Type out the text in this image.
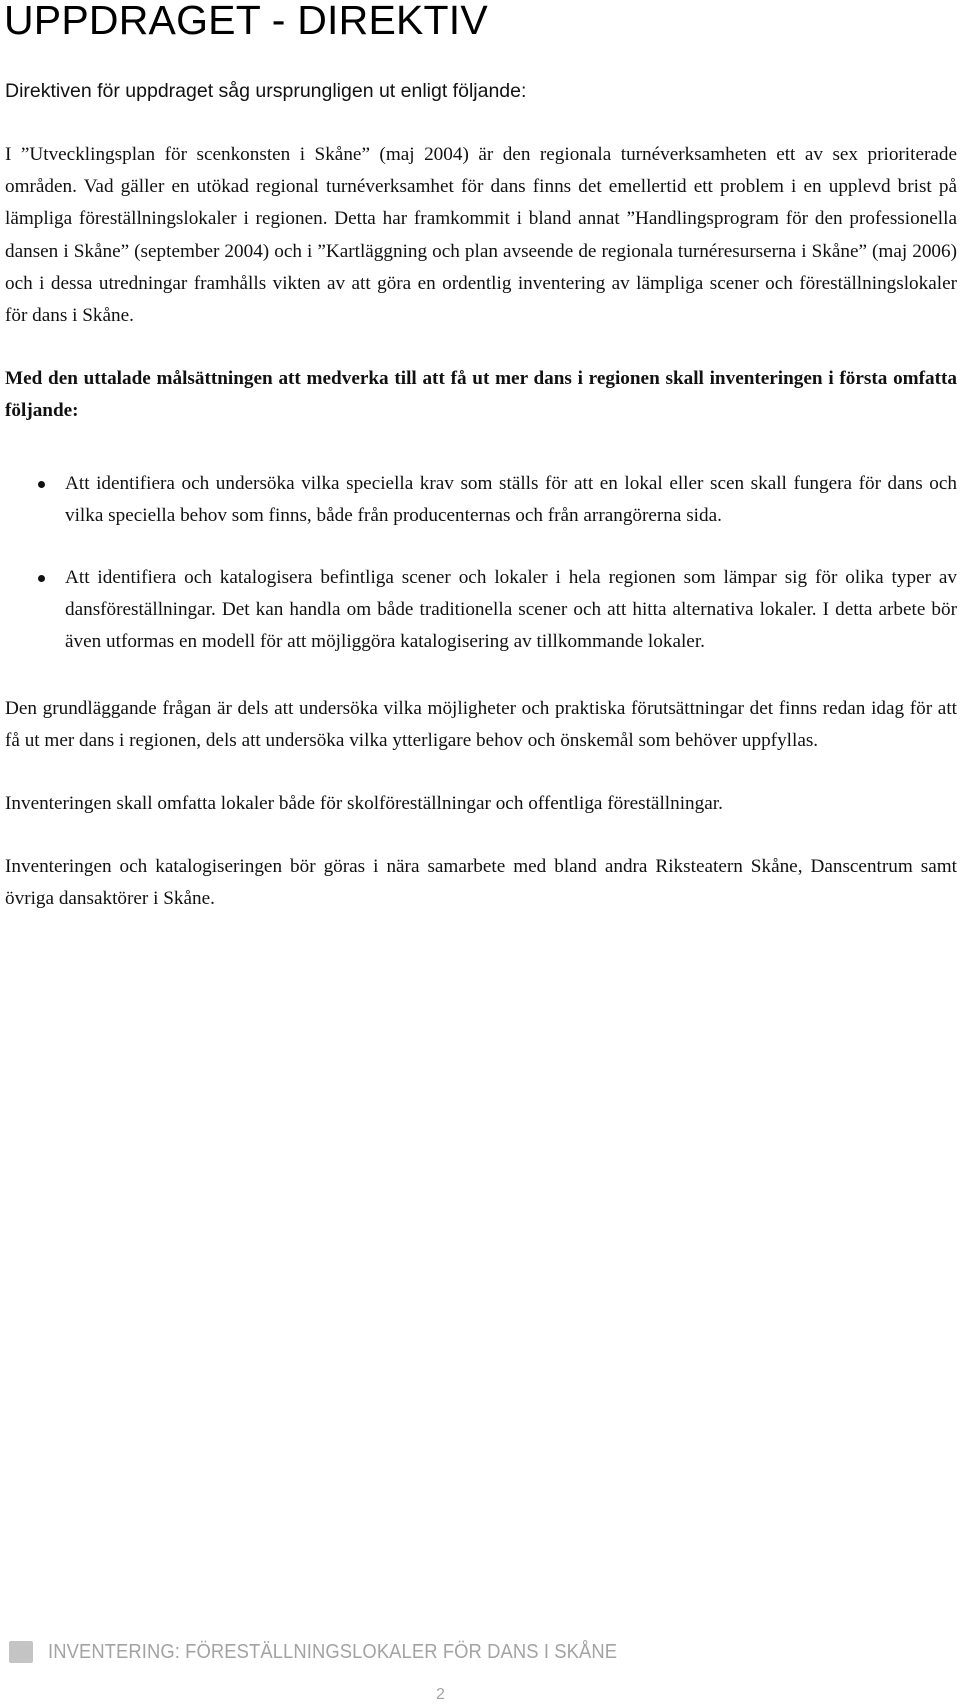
UPPDRAGET - DIREKTIV

Direktiven för uppdraget såg ursprungligen ut enligt följande:

I ”Utvecklingsplan för scenkonsten i Skåne” (maj 2004) är den regionala turnéverksamheten ett av sex prioriterade områden. Vad gäller en utökad regional turnéverksamhet för dans finns det emellertid ett problem i en upplevd brist på lämpliga föreställningslokaler i regionen. Detta har framkommit i bland annat ”Handlingsprogram för den professionella dansen i Skåne” (september 2004) och i ”Kartläggning och plan avseende de regionala turnéresurserna i Skåne” (maj 2006) och i dessa utredningar framhålls vikten av att göra en ordentlig inventering av lämpliga scener och föreställningslokaler för dans i Skåne.

Med den uttalade målsättningen att medverka till att få ut mer dans i regionen skall inventeringen i första omfatta följande:

Att identifiera och undersöka vilka speciella krav som ställs för att en lokal eller scen skall fungera för dans och vilka speciella behov som finns, både från producenternas och från arrangörerna sida.
Att identifiera och katalogisera befintliga scener och lokaler i hela regionen som lämpar sig för olika typer av dansföreställningar. Det kan handla om både traditionella scener och att hitta alternativa lokaler. I detta arbete bör även utformas en modell för att möjliggöra katalogisering av tillkommande lokaler.

Den grundläggande frågan är dels att undersöka vilka möjligheter och praktiska förutsättningar det finns redan idag för att få ut mer dans i regionen, dels att undersöka vilka ytterligare behov och önskemål som behöver uppfyllas.

Inventeringen skall omfatta lokaler både för skolföreställningar och offentliga föreställningar.

Inventeringen och katalogiseringen bör göras i nära samarbete med bland andra Riksteatern Skåne, Danscentrum samt övriga dansaktörer i Skåne.

INVENTERING: FÖRESTÄLLNINGSLOKALER FÖR DANS I SKÅNE
2
